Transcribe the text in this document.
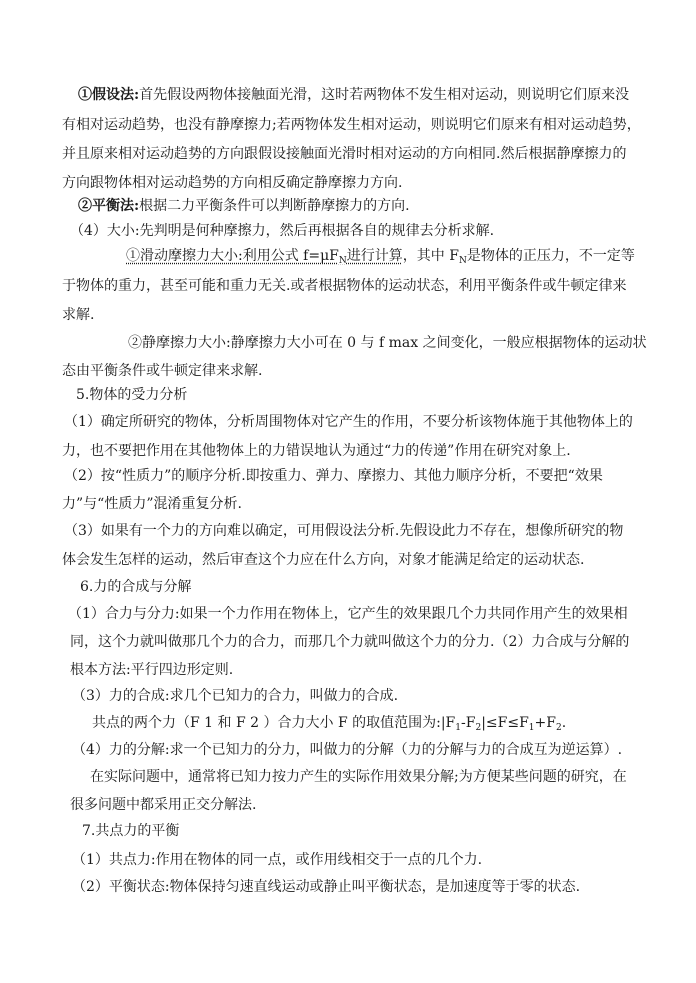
①假设法:首先假设两物体接触面光滑，这时若两物体不发生相对运动，则说明它们原来没
有相对运动趋势，也没有静摩擦力;若两物体发生相对运动，则说明它们原来有相对运动趋势，
并且原来相对运动趋势的方向跟假设接触面光滑时相对运动的方向相同.然后根据静摩擦力的
方向跟物体相对运动趋势的方向相反确定静摩擦力方向.
②平衡法:根据二力平衡条件可以判断静摩擦力的方向.
（4）大小:先判明是何种摩擦力，然后再根据各自的规律去分析求解.
①滑动摩擦力大小:利用公式 $f=\mu F_N$进行计算，其中 $F_N$是物体的正压力，不一定等
于物体的重力，甚至可能和重力无关.或者根据物体的运动状态，利用平衡条件或牛顿定律来
求解.
②静摩擦力大小:静摩擦力大小可在 0 与 f max 之间变化，一般应根据物体的运动状
态由平衡条件或牛顿定律来求解.
5.物体的受力分析
（1）确定所研究的物体，分析周围物体对它产生的作用，不要分析该物体施于其他物体上的
力，也不要把作用在其他物体上的力错误地认为通过“力的传递”作用在研究对象上.
（2）按“性质力”的顺序分析.即按重力、弹力、摩擦力、其他力顺序分析，不要把“效果
力”与“性质力”混淆重复分析.
（3）如果有一个力的方向难以确定，可用假设法分析.先假设此力不存在，想像所研究的物
体会发生怎样的运动，然后审查这个力应在什么方向，对象才能满足给定的运动状态.
6.力的合成与分解
（1）合力与分力:如果一个力作用在物体上，它产生的效果跟几个力共同作用产生的效果相
同，这个力就叫做那几个力的合力，而那几个力就叫做这个力的分力.（2）力合成与分解的
根本方法:平行四边形定则.
（3）力的合成:求几个已知力的合力，叫做力的合成.
共点的两个力（F 1 和 F 2 ）合力大小 F 的取值范围为$:|F_1-F_2|\le F\le F_1+F_2$.
（4）力的分解:求一个已知力的分力，叫做力的分解（力的分解与力的合成互为逆运算）.
在实际问题中，通常将已知力按力产生的实际作用效果分解;为方便某些问题的研究，在
很多问题中都采用正交分解法.
7.共点力的平衡
（1）共点力:作用在物体的同一点，或作用线相交于一点的几个力.
（2）平衡状态:物体保持匀速直线运动或静止叫平衡状态，是加速度等于零的状态.
